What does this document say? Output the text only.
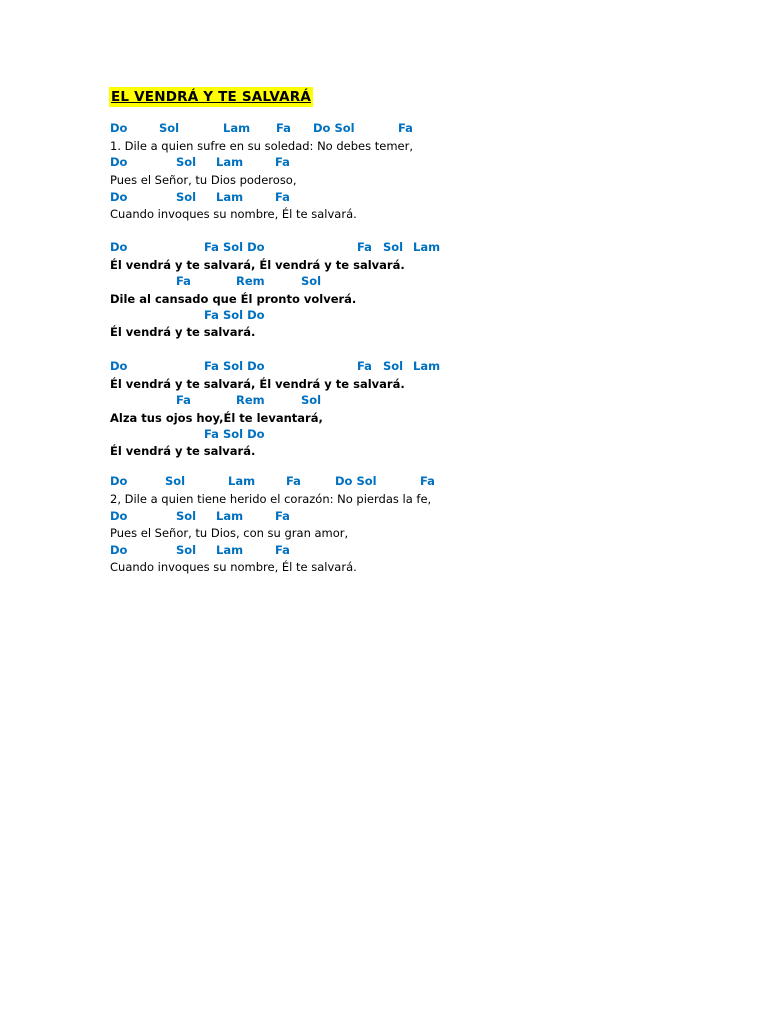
EL VENDRÁ Y TE SALVARÁ
Do	Sol	Lam Fa Do Sol	Fa
1. Dile a quien sufre en su soledad: No debes temer,
Do	Sol Lam	Fa
Pues el Señor, tu Dios poderoso,
Do	Sol Lam	Fa
Cuando invoques su nombre, Él te salvará.
Do	Fa Sol Do	Fa Sol Lam
Él vendrá y te salvará, Él vendrá y te salvará.
Fa	Rem	Sol
Dile al cansado que Él pronto volverá.
Fa Sol Do
Él vendrá y te salvará.
Do	Fa Sol Do	Fa Sol Lam
Él vendrá y te salvará, Él vendrá y te salvará.
Fa	Rem	Sol
Alza tus ojos hoy,Él te levantará,
Fa Sol Do
Él vendrá y te salvará.
Do	Sol	Lam	Fa	Do Sol	Fa
2, Dile a quien tiene herido el corazón: No pierdas la fe,
Do	Sol Lam	Fa
Pues el Señor, tu Dios, con su gran amor,
Do	Sol Lam	Fa
Cuando invoques su nombre, Él te salvará.
